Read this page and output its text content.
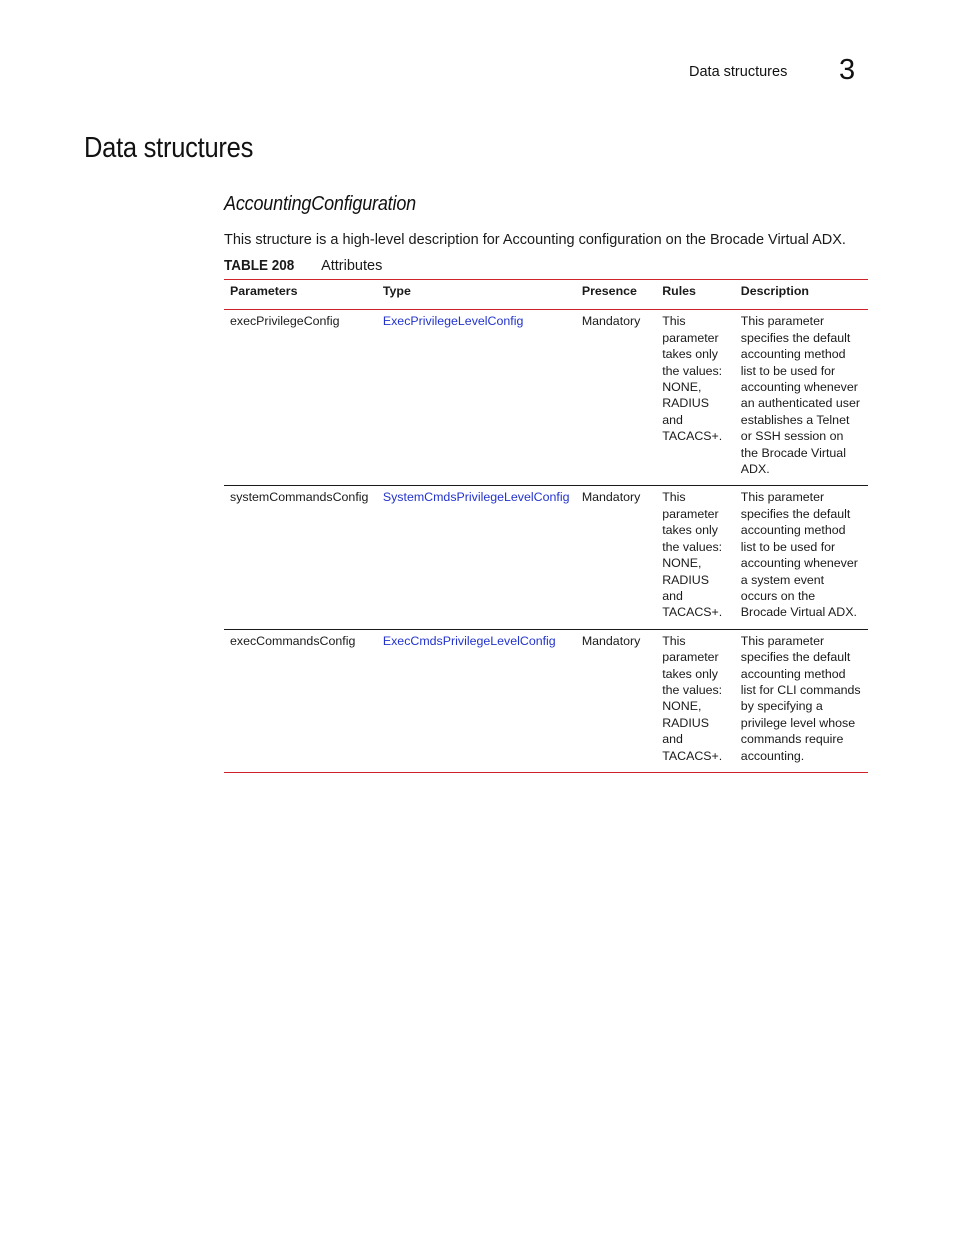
Data structures 3
Data structures
AccountingConfiguration

This structure is a high-level description for Accounting configuration on the Brocade Virtual ADX.

TABLE 208 Attributes
Parameters	Type	Presence	Rules	Description
execPrivilegeConfig	ExecPrivilegeLevelConfig	Mandatory	This parameter takes only the values: NONE, RADIUS and TACACS+.	This parameter specifies the default accounting method list to be used for accounting whenever an authenticated user establishes a Telnet or SSH session on the Brocade Virtual ADX.
systemCommandsConfig	SystemCmdsPrivilegeLevelConfig	Mandatory	This parameter takes only the values: NONE, RADIUS and TACACS+.	This parameter specifies the default accounting method list to be used for accounting whenever a system event occurs on the Brocade Virtual ADX.
execCommandsConfig	ExecCmdsPrivilegeLevelConfig	Mandatory	This parameter takes only the values: NONE, RADIUS and TACACS+.	This parameter specifies the default accounting method list for CLI commands by specifying a privilege level whose commands require accounting.
